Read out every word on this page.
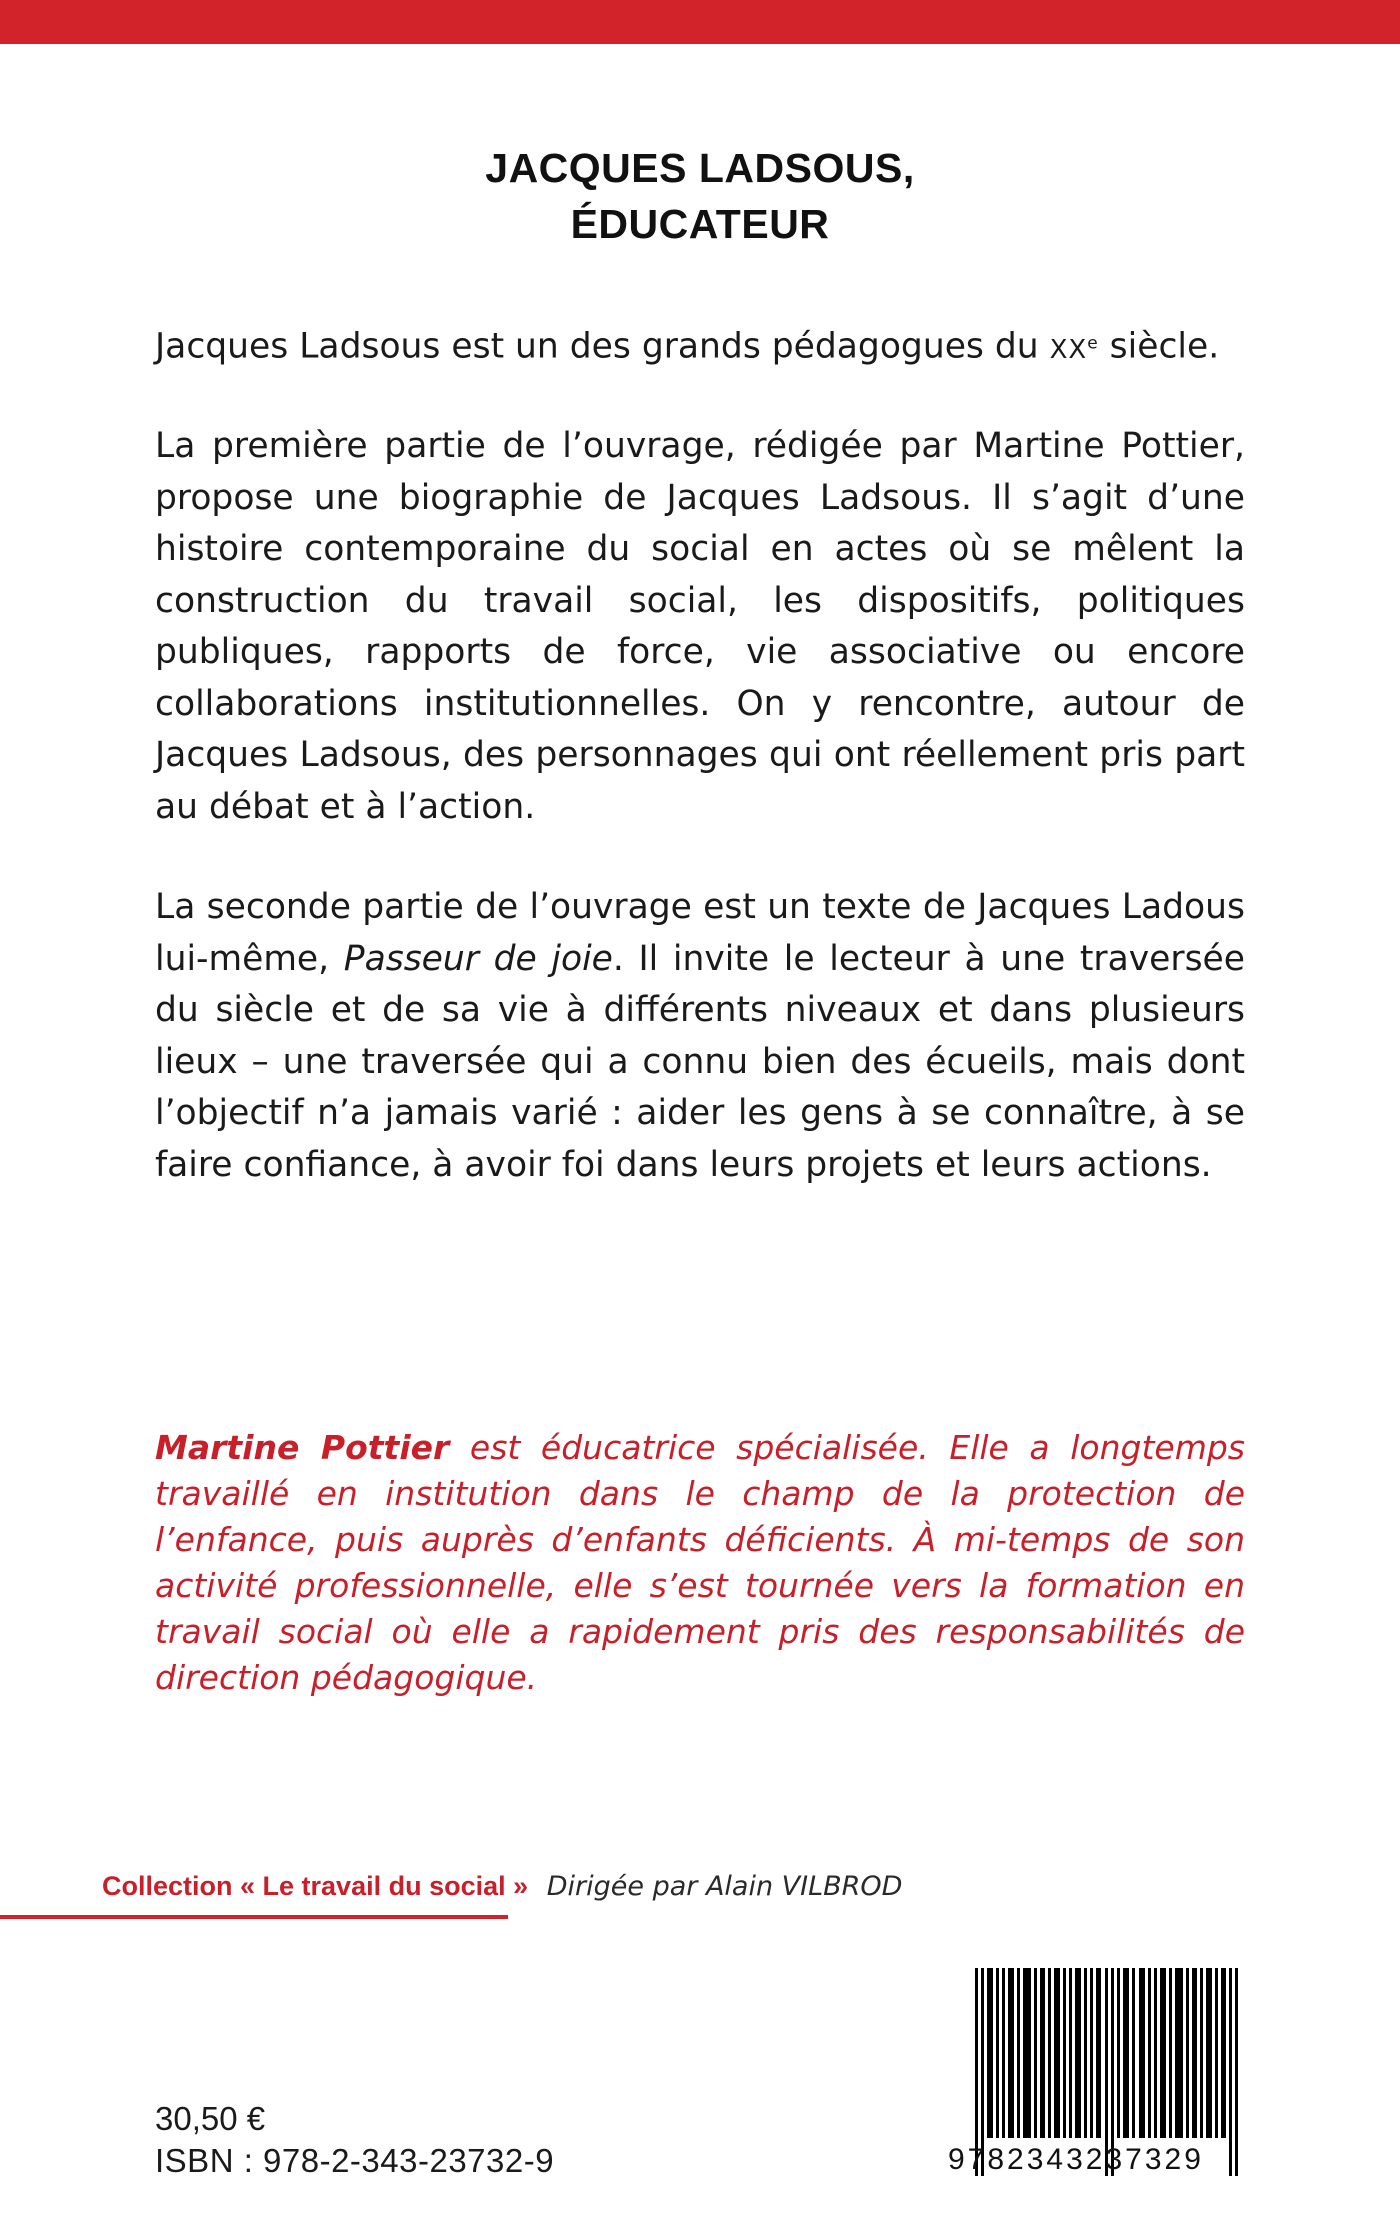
JACQUES LADSOUS,
ÉDUCATEUR

Jacques Ladsous est un des grands pédagogues du XXe siècle.

La première partie de l’ouvrage, rédigée par Martine Pottier, propose une biographie de Jacques Ladsous. Il s’agit d’une histoire contemporaine du social en actes où se mêlent la construction du travail social, les dispositifs, politiques publiques, rapports de force, vie associative ou encore collaborations institutionnelles. On y rencontre, autour de Jacques Ladsous, des personnages qui ont réellement pris part au débat et à l’action.

La seconde partie de l’ouvrage est un texte de Jacques Ladous lui-même, Passeur de joie. Il invite le lecteur à une traversée du siècle et de sa vie à différents niveaux et dans plusieurs lieux – une traversée qui a connu bien des écueils, mais dont l’objectif n’a jamais varié : aider les gens à se connaître, à se faire confiance, à avoir foi dans leurs projets et leurs actions.

Martine Pottier est éducatrice spécialisée. Elle a longtemps travaillé en institution dans le champ de la protection de l’enfance, puis auprès d’enfants déficients. À mi-temps de son activité professionnelle, elle s’est tournée vers la formation en travail social où elle a rapidement pris des responsabilités de direction pédagogique.

Collection « Le travail du social » Dirigée par Alain VILBROD
30,50 €
ISBN : 978-2-343-23732-9	9782343237329
